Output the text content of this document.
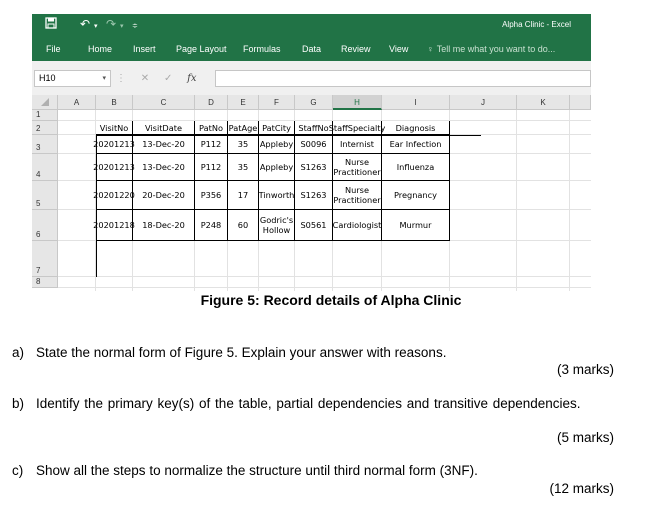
↶ ▾ ↷ ▾ ≑	Alpha Clinic - Excel
File	Home Insert Page Layout Formulas Data Review View ♀ Tell me what you want to do...
H10	▾ ⋮ ✕ ✓ fx
A	B	C	D	E	F	G	H	I	J	K
1
2
3
4
5
6
7
8
VisitNo	VisitDate	PatNo PatAge PatCity StaffNo StaffSpecialty	Diagnosis
20201213 13-Dec-20	P112	35	Appleby S0096	Internist	Ear Infection
20201213 13-Dec-20	P112	35	Appleby S1263	Nurse Practitioner	Influenza
20201220 20-Dec-20	P356	17	Tinworth S1263	Nurse Practitioner	Pregnancy
20201218 18-Dec-20	P248	60	Godric's Hollow	S0561 Cardiologist	Murmur
Figure 5: Record details of Alpha Clinic
a) State the normal form of Figure 5. Explain your answer with reasons.
(3 marks)
b) Identify the primary key(s) of the table, partial dependencies and transitive dependencies.
(5 marks)
c) Show all the steps to normalize the structure until third normal form (3NF).
(12 marks)
